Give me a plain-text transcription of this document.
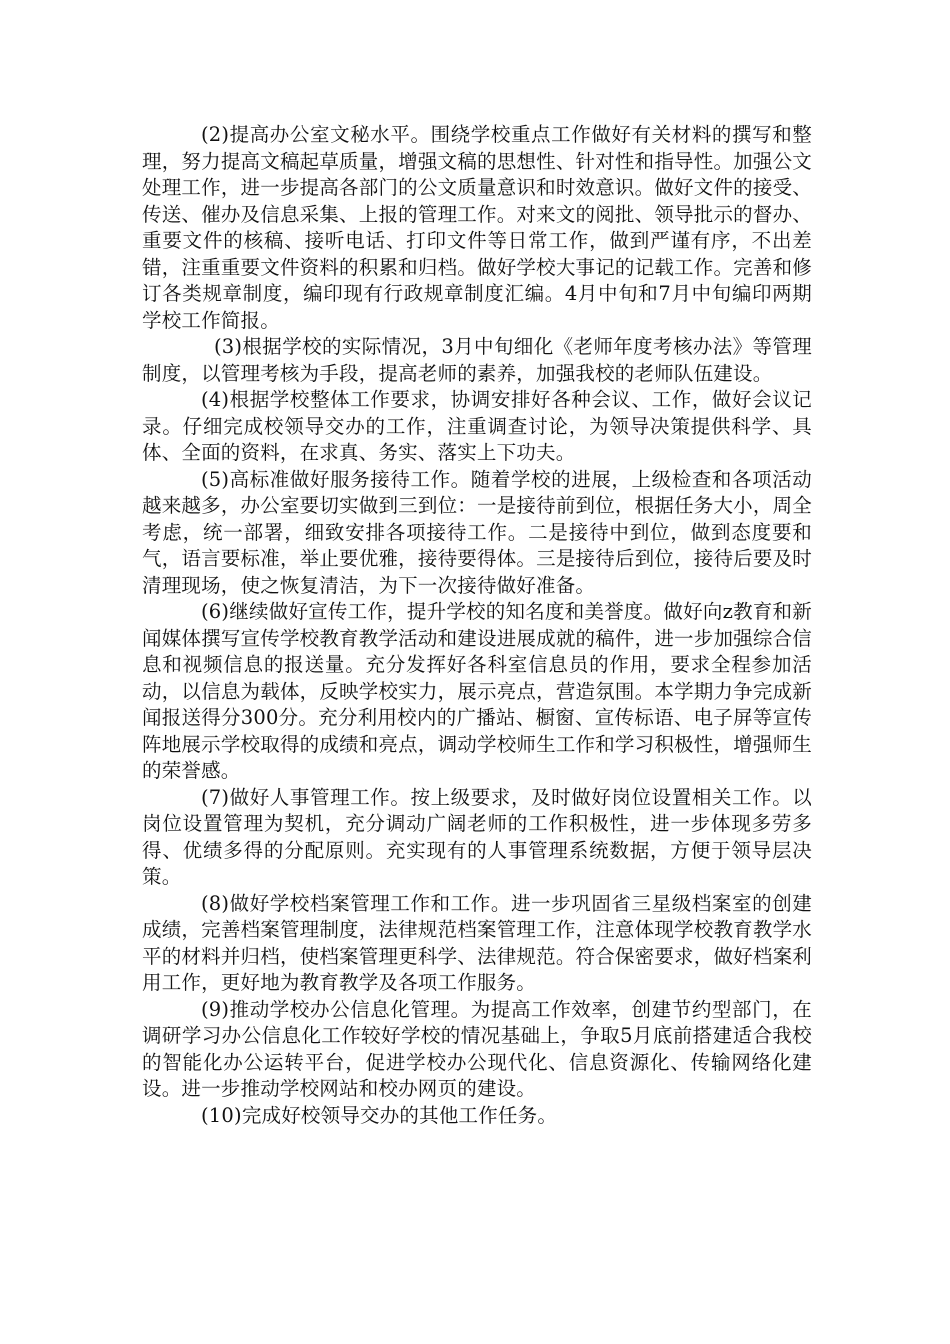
(2)提高办公室文秘水平。围绕学校重点工作做好有关材料的撰写和整理，努力提高文稿起草质量，增强文稿的思想性、针对性和指导性。加强公文处理工作，进一步提高各部门的公文质量意识和时效意识。做好文件的接受、传送、催办及信息采集、上报的管理工作。对来文的阅批、领导批示的督办、重要文件的核稿、接听电话、打印文件等日常工作，做到严谨有序，不出差错，注重重要文件资料的积累和归档。做好学校大事记的记载工作。完善和修订各类规章制度，编印现有行政规章制度汇编。4月中旬和7月中旬编印两期学校工作简报。

(3)根据学校的实际情况，3月中旬细化《老师年度考核办法》等管理制度，以管理考核为手段，提高老师的素养，加强我校的老师队伍建设。

(4)根据学校整体工作要求，协调安排好各种会议、工作，做好会议记录。仔细完成校领导交办的工作，注重调查讨论，为领导决策提供科学、具体、全面的资料，在求真、务实、落实上下功夫。

(5)高标准做好服务接待工作。随着学校的进展，上级检查和各项活动越来越多，办公室要切实做到三到位：一是接待前到位，根据任务大小，周全考虑，统一部署，细致安排各项接待工作。二是接待中到位，做到态度要和气，语言要标准，举止要优雅，接待要得体。三是接待后到位，接待后要及时清理现场，使之恢复清洁，为下一次接待做好准备。

(6)继续做好宣传工作，提升学校的知名度和美誉度。做好向z教育和新闻媒体撰写宣传学校教育教学活动和建设进展成就的稿件，进一步加强综合信息和视频信息的报送量。充分发挥好各科室信息员的作用，要求全程参加活动，以信息为载体，反映学校实力，展示亮点，营造氛围。本学期力争完成新闻报送得分300分。充分利用校内的广播站、橱窗、宣传标语、电子屏等宣传阵地展示学校取得的成绩和亮点，调动学校师生工作和学习积极性，增强师生的荣誉感。

(7)做好人事管理工作。按上级要求，及时做好岗位设置相关工作。以岗位设置管理为契机，充分调动广阔老师的工作积极性，进一步体现多劳多得、优绩多得的分配原则。充实现有的人事管理系统数据，方便于领导层决策。

(8)做好学校档案管理工作和工作。进一步巩固省三星级档案室的创建成绩，完善档案管理制度，法律规范档案管理工作，注意体现学校教育教学水平的材料并归档，使档案管理更科学、法律规范。符合保密要求，做好档案利用工作，更好地为教育教学及各项工作服务。

(9)推动学校办公信息化管理。为提高工作效率，创建节约型部门，在调研学习办公信息化工作较好学校的情况基础上，争取5月底前搭建适合我校的智能化办公运转平台，促进学校办公现代化、信息资源化、传输网络化建设。进一步推动学校网站和校办网页的建设。

(10)完成好校领导交办的其他工作任务。
